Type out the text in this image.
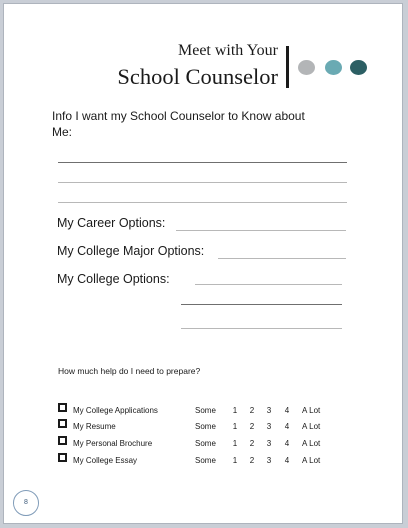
Meet with Your
School Counselor
Info I want my School Counselor to Know about Me:
My Career Options:
My College Major Options:
My College Options:
How much help do I need to prepare?
My College Applications	Some 1 2 3 4 A Lot
My Resume	Some 1 2 3 4 A Lot
My Personal Brochure	Some 1 2 3 4 A Lot
My College Essay	Some 1 2 3 4 A Lot
8
